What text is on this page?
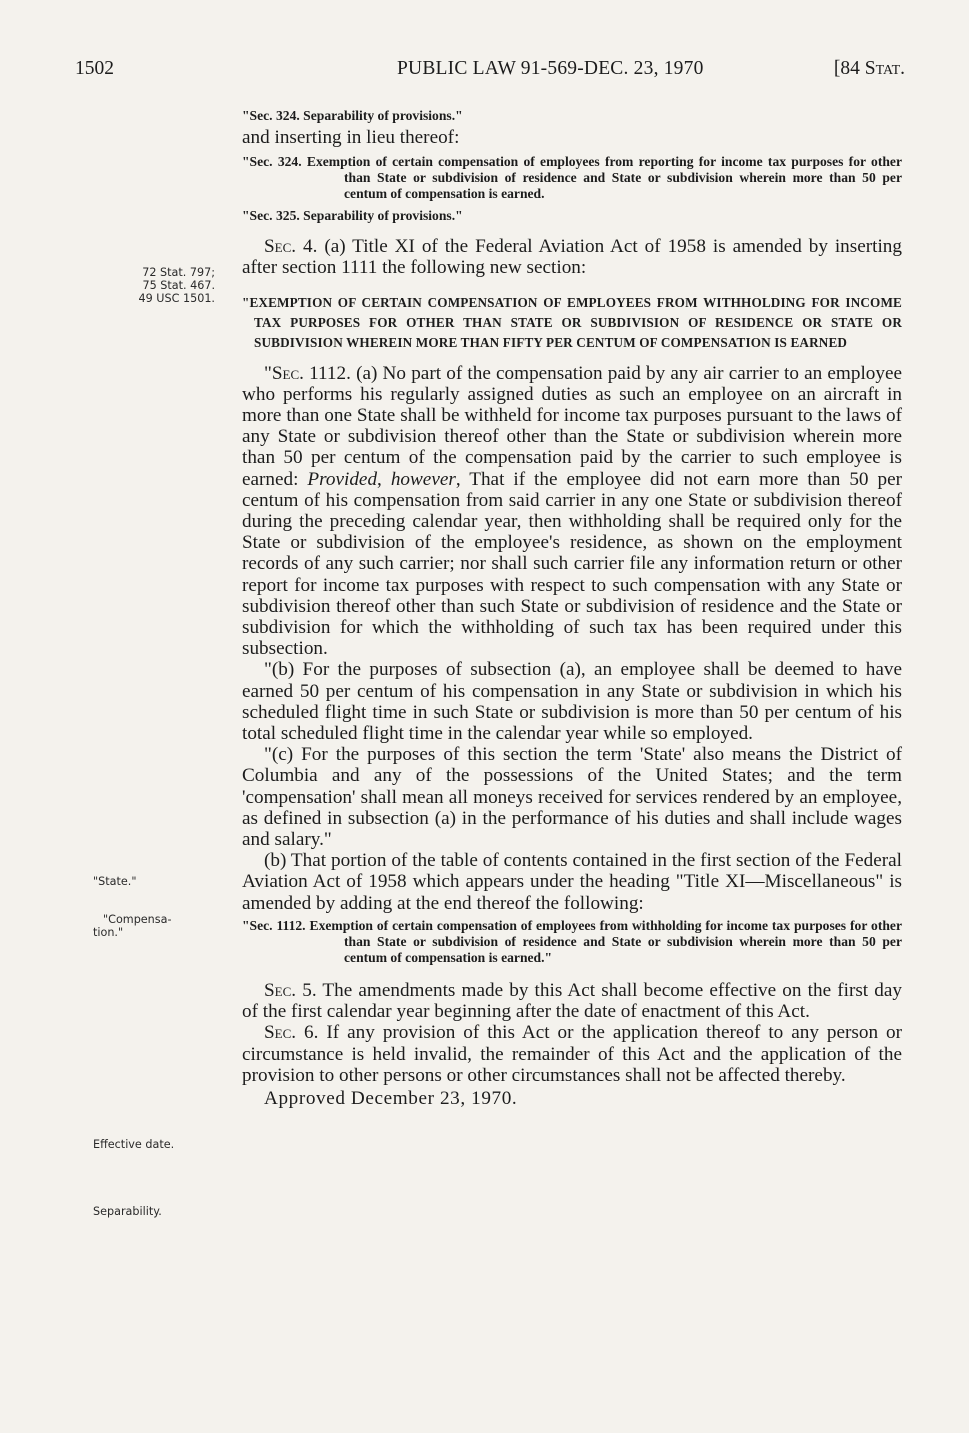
1502	PUBLIC LAW 91-569-DEC. 23, 1970	[84 Stat.
72 Stat. 797;
75 Stat. 467.
49 USC 1501.
"State."
"Compensa-
tion."
Effective date.
Separability.

"Sec. 324. Separability of provisions."

and inserting in lieu thereof:

"Sec. 324. Exemption of certain compensation of employees from reporting for income tax purposes for other than State or subdivision of residence and State or subdivision wherein more than 50 per centum of compensation is earned.

"Sec. 325. Separability of provisions."

Sec. 4. (a) Title XI of the Federal Aviation Act of 1958 is amended by inserting after section 1111 the following new section:

"EXEMPTION OF CERTAIN COMPENSATION OF EMPLOYEES FROM WITHHOLDING FOR INCOME TAX PURPOSES FOR OTHER THAN STATE OR SUBDIVISION OF RESIDENCE OR STATE OR SUBDIVISION WHEREIN MORE THAN FIFTY PER CENTUM OF COMPENSATION IS EARNED

"Sec. 1112. (a) No part of the compensation paid by any air carrier to an employee who performs his regularly assigned duties as such an employee on an aircraft in more than one State shall be withheld for income tax purposes pursuant to the laws of any State or subdivision thereof other than the State or subdivision wherein more than 50 per centum of the compensation paid by the carrier to such employee is earned: Provided, however, That if the employee did not earn more than 50 per centum of his compensation from said carrier in any one State or subdivision thereof during the preceding calendar year, then withholding shall be required only for the State or subdivision of the employee's residence, as shown on the employment records of any such carrier; nor shall such carrier file any information return or other report for income tax purposes with respect to such compensation with any State or subdivision thereof other than such State or subdivision of residence and the State or subdivision for which the withholding of such tax has been required under this subsection.

"(b) For the purposes of subsection (a), an employee shall be deemed to have earned 50 per centum of his compensation in any State or subdivision in which his scheduled flight time in such State or subdivision is more than 50 per centum of his total scheduled flight time in the calendar year while so employed.

"(c) For the purposes of this section the term 'State' also means the District of Columbia and any of the possessions of the United States; and the term 'compensation' shall mean all moneys received for services rendered by an employee, as defined in subsection (a) in the performance of his duties and shall include wages and salary."

(b) That portion of the table of contents contained in the first section of the Federal Aviation Act of 1958 which appears under the heading "Title XI—Miscellaneous" is amended by adding at the end thereof the following:

"Sec. 1112. Exemption of certain compensation of employees from withholding for income tax purposes for other than State or subdivision of residence and State or subdivision wherein more than 50 per centum of compensation is earned."

Sec. 5. The amendments made by this Act shall become effective on the first day of the first calendar year beginning after the date of enactment of this Act.

Sec. 6. If any provision of this Act or the application thereof to any person or circumstance is held invalid, the remainder of this Act and the application of the provision to other persons or other circumstances shall not be affected thereby.

Approved December 23, 1970.
